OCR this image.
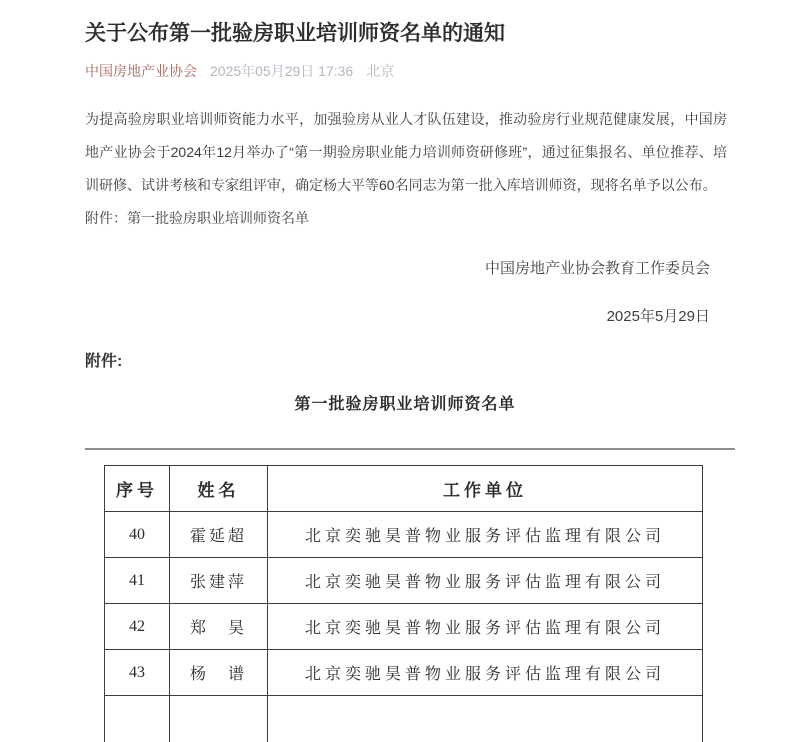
关于公布第一批验房职业培训师资名单的通知
中国房地产业协会 2025年05月29日 17:36 北京

为提高验房职业培训师资能力水平，加强验房从业人才队伍建设，推动验房行业规范健康发展，中国房地产业协会于2024年12月举办了“第一期验房职业能力培训师资研修班”，通过征集报名、单位推荐、培训研修、试讲考核和专家组评审，确定杨大平等60名同志为第一批入库培训师资，现将名单予以公布。

附件：第一批验房职业培训师资名单

中国房地产业协会教育工作委员会

2025年5月29日

附件:

第一批验房职业培训师资名单

序号	姓名	工作单位
40	霍延超	北京奕驰昊普物业服务评估监理有限公司
41	张建萍	北京奕驰昊普物业服务评估监理有限公司
42	郑　昊	北京奕驰昊普物业服务评估监理有限公司
43	杨　谱	北京奕驰昊普物业服务评估监理有限公司
